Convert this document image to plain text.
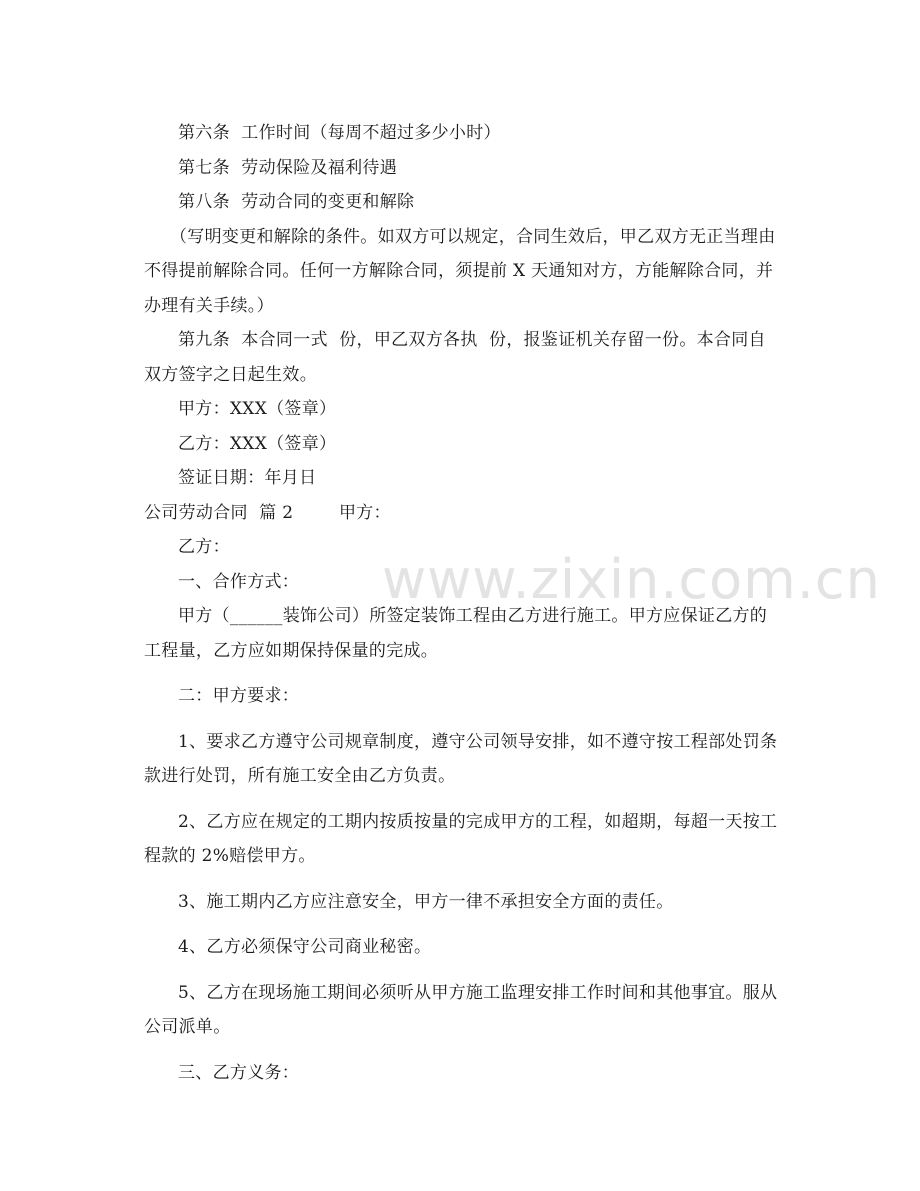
www.zixin.com.cn

第六条  工作时间（每周不超过多少小时）

第七条  劳动保险及福利待遇

第八条  劳动合同的变更和解除

（写明变更和解除的条件。如双方可以规定，合同生效后，甲乙双方无正当理由不得提前解除合同。任何一方解除合同，须提前 X 天通知对方，方能解除合同，并办理有关手续。）

第九条  本合同一式  份，甲乙双方各执  份，报鉴证机关存留一份。本合同自双方签字之日起生效。

甲方：XXX（签章）

乙方：XXX（签章）

签证日期：年月日

公司劳动合同  篇 2        甲方：

乙方：

一、合作方式：

甲方（______装饰公司）所签定装饰工程由乙方进行施工。甲方应保证乙方的工程量，乙方应如期保持保量的完成。

二：甲方要求：

1、要求乙方遵守公司规章制度，遵守公司领导安排，如不遵守按工程部处罚条款进行处罚，所有施工安全由乙方负责。

2、乙方应在规定的工期内按质按量的完成甲方的工程，如超期，每超一天按工程款的 2%赔偿甲方。

3、施工期内乙方应注意安全，甲方一律不承担安全方面的责任。

4、乙方必须保守公司商业秘密。

5、乙方在现场施工期间必须听从甲方施工监理安排工作时间和其他事宜。服从公司派单。

三、乙方义务：
